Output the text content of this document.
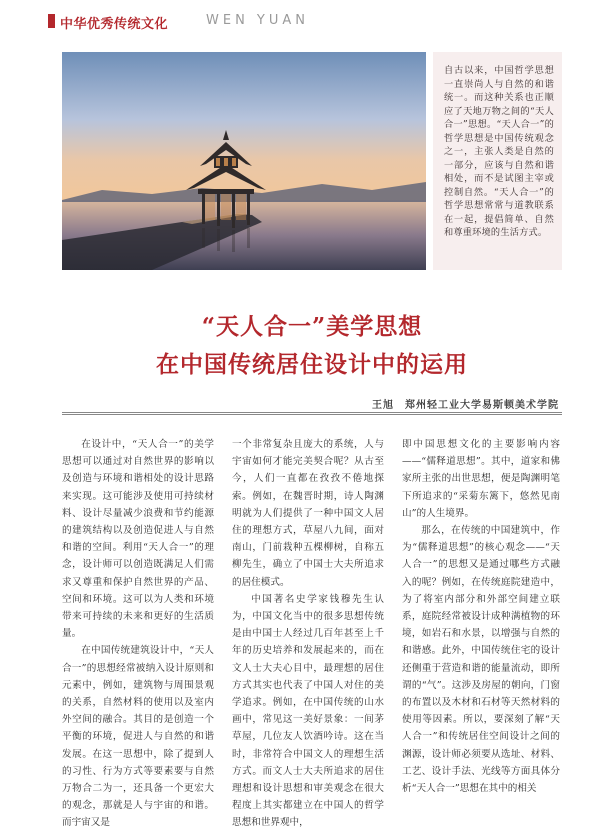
中华优秀传统文化	WEN YUAN
自古以来，中国哲学思想一直崇尚人与自然的和谐统一。而这种关系也正顺应了天地万物之间的“天人合一”思想。“天人合一”的哲学思想是中国传统观念之一，主张人类是自然的一部分，应该与自然和谐相处，而不是试图主宰或控制自然。“天人合一”的哲学思想常常与道教联系在一起，提倡简单、自然和尊重环境的生活方式。
“天人合一”美学思想
在中国传统居住设计中的运用
王旭　郑州轻工业大学易斯顿美术学院

在设计中，“天人合一”的美学思想可以通过对自然世界的影响以及创造与环境和谐相处的设计思路来实现。这可能涉及使用可持续材料、设计尽量减少浪费和节约能源的建筑结构以及创造促进人与自然和谐的空间。利用“天人合一”的理念，设计师可以创造既满足人们需求又尊重和保护自然世界的产品、空间和环境。这可以为人类和环境带来可持续的未来和更好的生活质量。

在中国传统建筑设计中，“天人合一”的思想经常被纳入设计原则和元素中，例如，建筑物与周围景观的关系，自然材料的使用以及室内外空间的融合。其目的是创造一个平衡的环境，促进人与自然的和谐发展。在这一思想中，除了提到人的习性、行为方式等要素要与自然万物合二为一，还具备一个更宏大的观念，那就是人与宇宙的和谐。而宇宙又是

一个非常复杂且庞大的系统，人与宇宙如何才能完美契合呢？从古至今，人们一直都在孜孜不倦地探索。例如，在魏晋时期，诗人陶渊明就为人们提供了一种中国文人居住的理想方式，草屋八九间，面对南山，门前栽种五棵柳树，自称五柳先生，确立了中国士大夫所追求的居住模式。

中国著名史学家钱穆先生认为，中国文化当中的很多思想传统是由中国士人经过几百年甚至上千年的历史培养和发展起来的，而在文人士大夫心目中，最理想的居住方式其实也代表了中国人对住的美学追求。例如，在中国传统的山水画中，常见这一美好景象：一间茅草屋，几位友人饮酒吟诗。这在当时，非常符合中国文人的理想生活方式。而文人士大夫所追求的居住理想和设计思想和审美观念在很大程度上其实都建立在中国人的哲学思想和世界观中，

即中国思想文化的主要影响内容——“儒释道思想”。其中，道家和佛家所主张的出世思想，便是陶渊明笔下所追求的“采菊东篱下，悠然见南山”的人生境界。

那么，在传统的中国建筑中，作为“儒释道思想”的核心观念——“天人合一”的思想又是通过哪些方式融入的呢？例如，在传统庭院建造中，为了将室内部分和外部空间建立联系，庭院经常被设计成种满植物的环境，如岩石和水景，以增强与自然的和谐感。此外，中国传统住宅的设计还侧重于营造和谐的能量流动，即所谓的“气”。这涉及房屋的朝向，门窗的布置以及木材和石材等天然材料的使用等因素。所以，要深刻了解“天人合一”和传统居住空间设计之间的渊源，设计师必须要从选址、材料、工艺、设计手法、光线等方面具体分析“天人合一”思想在其中的相关
